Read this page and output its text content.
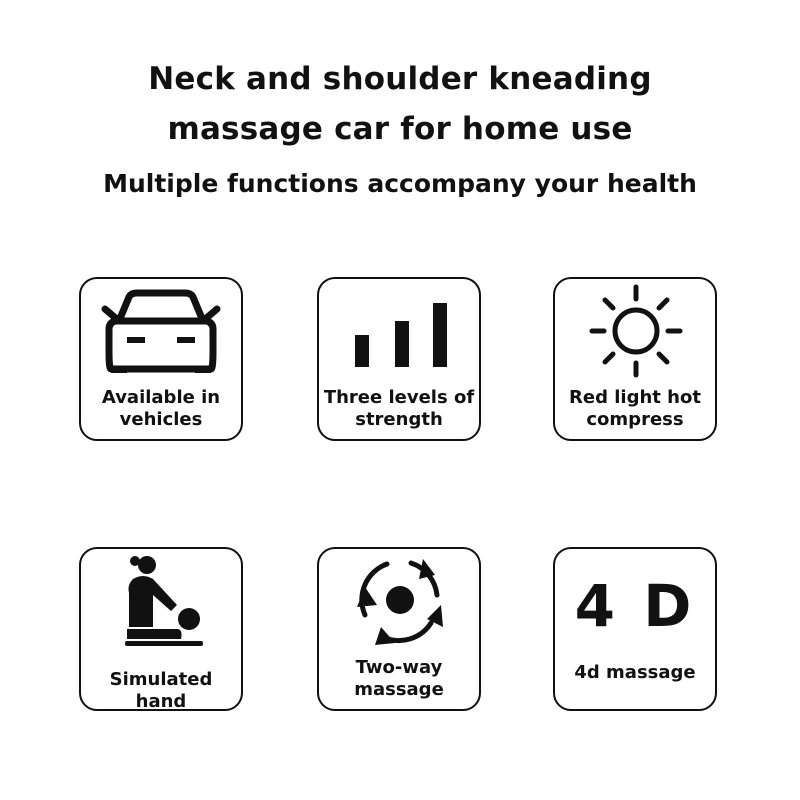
Neck and shoulder kneading
massage car for home use
Multiple functions accompany your health
Available in
vehicles
Three levels of
strength
Red light hot
compress
Simulated hand
Two-way
massage
4 D
4d massage
